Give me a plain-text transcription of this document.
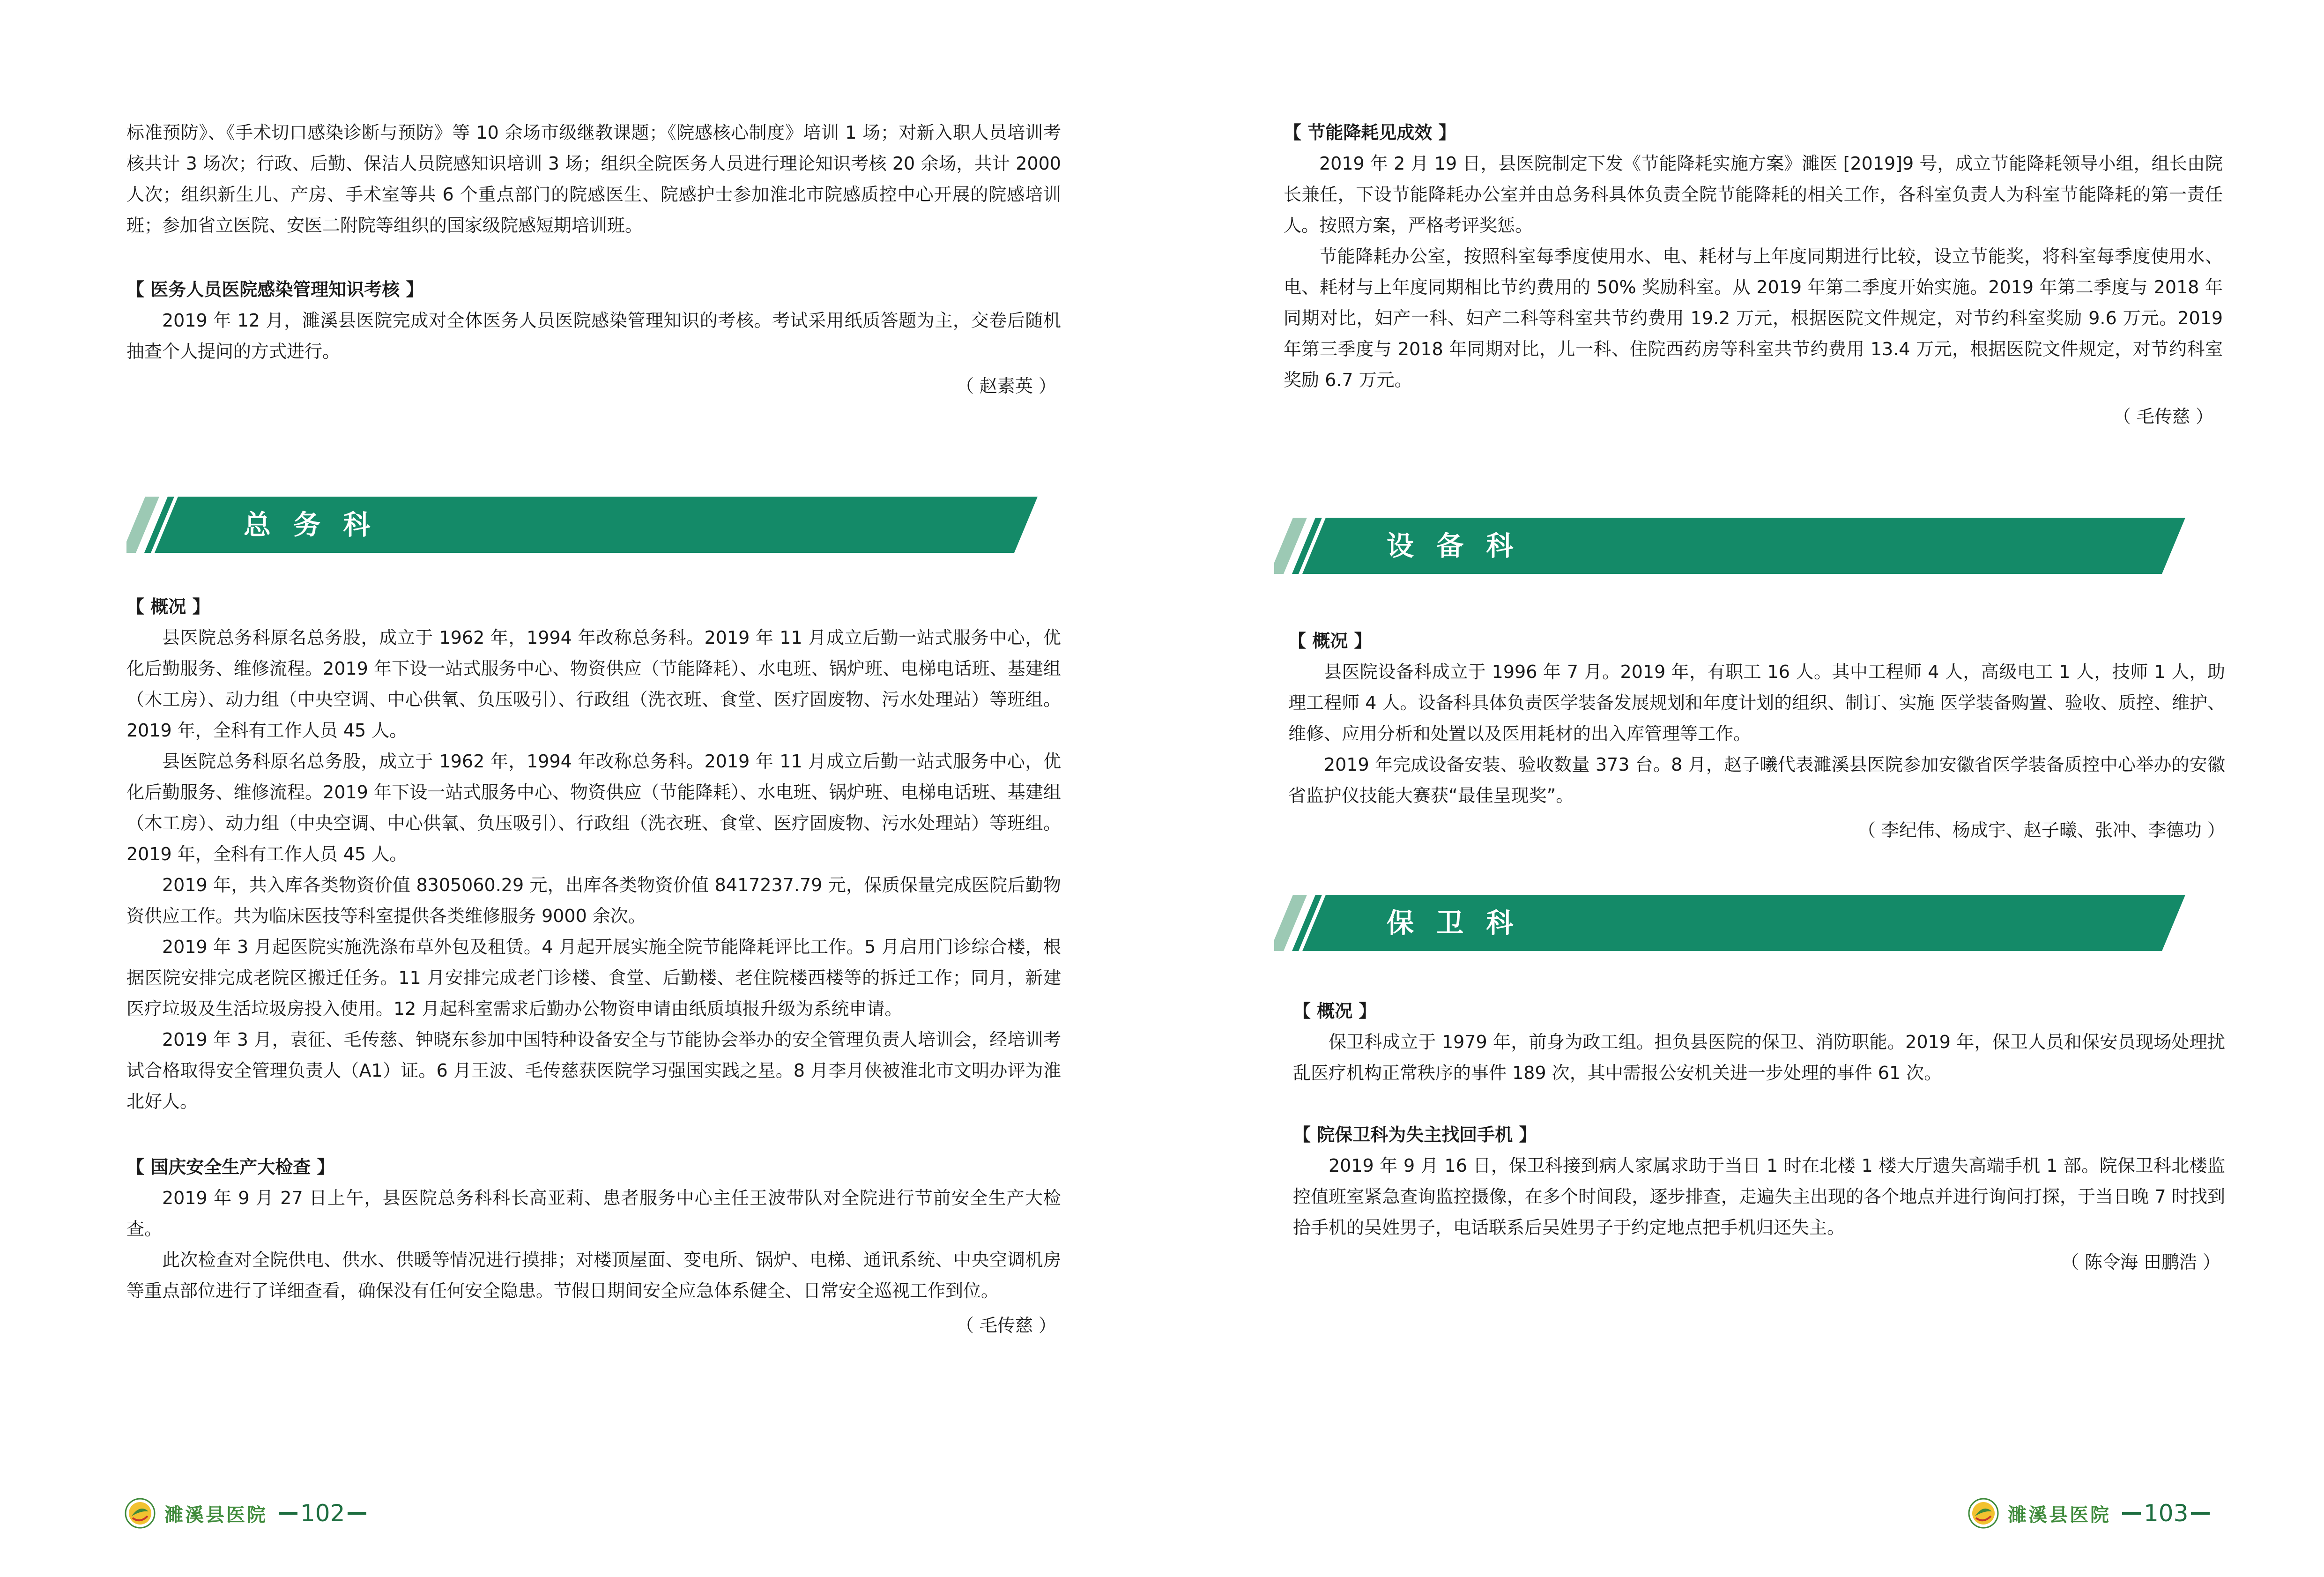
标准预防》、《手术切口感染诊断与预防》等 10 余场市级继教课题；《院感核心制度》培训 1 场；对新入职人员培训考核共计 3 场次；行政、后勤、保洁人员院感知识培训 3 场；组织全院医务人员进行理论知识考核 20 余场，共计 2000 人次；组织新生儿、产房、手术室等共 6 个重点部门的院感医生、院感护士参加淮北市院感质控中心开展的院感培训班；参加省立医院、安医二附院等组织的国家级院感短期培训班。

【 医务人员医院感染管理知识考核 】

2019 年 12 月，濉溪县医院完成对全体医务人员医院感染管理知识的考核。考试采用纸质答题为主，交卷后随机抽查个人提问的方式进行。

（ 赵素英 ）

总 务 科

【 概况 】

县医院总务科原名总务股，成立于 1962 年，1994 年改称总务科。2019 年 11 月成立后勤一站式服务中心，优化后勤服务、维修流程。2019 年下设一站式服务中心、物资供应（节能降耗）、水电班、锅炉班、电梯电话班、基建组（木工房）、动力组（中央空调、中心供氧、负压吸引）、行政组（洗衣班、食堂、医疗固废物、污水处理站）等班组。2019 年，全科有工作人员 45 人。

县医院总务科原名总务股，成立于 1962 年，1994 年改称总务科。2019 年 11 月成立后勤一站式服务中心，优化后勤服务、维修流程。2019 年下设一站式服务中心、物资供应（节能降耗）、水电班、锅炉班、电梯电话班、基建组（木工房）、动力组（中央空调、中心供氧、负压吸引）、行政组（洗衣班、食堂、医疗固废物、污水处理站）等班组。2019 年，全科有工作人员 45 人。

2019 年，共入库各类物资价值 8305060.29 元，出库各类物资价值 8417237.79 元，保质保量完成医院后勤物资供应工作。共为临床医技等科室提供各类维修服务 9000 余次。

2019 年 3 月起医院实施洗涤布草外包及租赁。4 月起开展实施全院节能降耗评比工作。5 月启用门诊综合楼，根据医院安排完成老院区搬迁任务。11 月安排完成老门诊楼、食堂、后勤楼、老住院楼西楼等的拆迁工作；同月，新建医疗垃圾及生活垃圾房投入使用。12 月起科室需求后勤办公物资申请由纸质填报升级为系统申请。

2019 年 3 月，袁征、毛传慈、钟晓东参加中国特种设备安全与节能协会举办的安全管理负责人培训会，经培训考试合格取得安全管理负责人（A1）证。6 月王波、毛传慈获医院学习强国实践之星。8 月李月侠被淮北市文明办评为淮北好人。

【 国庆安全生产大检查 】

2019 年 9 月 27 日上午，县医院总务科科长高亚莉、患者服务中心主任王波带队对全院进行节前安全生产大检查。

此次检查对全院供电、供水、供暖等情况进行摸排；对楼顶屋面、变电所、锅炉、电梯、通讯系统、中央空调机房等重点部位进行了详细查看，确保没有任何安全隐患。节假日期间安全应急体系健全、日常安全巡视工作到位。

（ 毛传慈 ）

濉溪县医院 102

【 节能降耗见成效 】

2019 年 2 月 19 日，县医院制定下发《节能降耗实施方案》濉医 [2019]9 号，成立节能降耗领导小组，组长由院长兼任，下设节能降耗办公室并由总务科具体负责全院节能降耗的相关工作，各科室负责人为科室节能降耗的第一责任人。按照方案，严格考评奖惩。

节能降耗办公室，按照科室每季度使用水、电、耗材与上年度同期进行比较，设立节能奖，将科室每季度使用水、电、耗材与上年度同期相比节约费用的 50% 奖励科室。从 2019 年第二季度开始实施。2019 年第二季度与 2018 年同期对比，妇产一科、妇产二科等科室共节约费用 19.2 万元，根据医院文件规定，对节约科室奖励 9.6 万元。2019 年第三季度与 2018 年同期对比，儿一科、住院西药房等科室共节约费用 13.4 万元，根据医院文件规定，对节约科室奖励 6.7 万元。

（ 毛传慈 ）

设 备 科

【 概况 】

县医院设备科成立于 1996 年 7 月。2019 年，有职工 16 人。其中工程师 4 人，高级电工 1 人，技师 1 人，助理工程师 4 人。设备科具体负责医学装备发展规划和年度计划的组织、制订、实施 医学装备购置、验收、质控、维护、维修、应用分析和处置以及医用耗材的出入库管理等工作。

2019 年完成设备安装、验收数量 373 台。8 月，赵子曦代表濉溪县医院参加安徽省医学装备质控中心举办的安徽省监护仪技能大赛获“最佳呈现奖”。

（ 李纪伟、杨成宇、赵子曦、张冲、李德功 ）

保 卫 科

【 概况 】

保卫科成立于 1979 年，前身为政工组。担负县医院的保卫、消防职能。2019 年，保卫人员和保安员现场处理扰乱医疗机构正常秩序的事件 189 次，其中需报公安机关进一步处理的事件 61 次。

【 院保卫科为失主找回手机 】

2019 年 9 月 16 日，保卫科接到病人家属求助于当日 1 时在北楼 1 楼大厅遗失高端手机 1 部。院保卫科北楼监控值班室紧急查询监控摄像，在多个时间段，逐步排查，走遍失主出现的各个地点并进行询问打探，于当日晚 7 时找到拾手机的吴姓男子，电话联系后吴姓男子于约定地点把手机归还失主。

（ 陈令海 田鹏浩 ）

濉溪县医院 103
